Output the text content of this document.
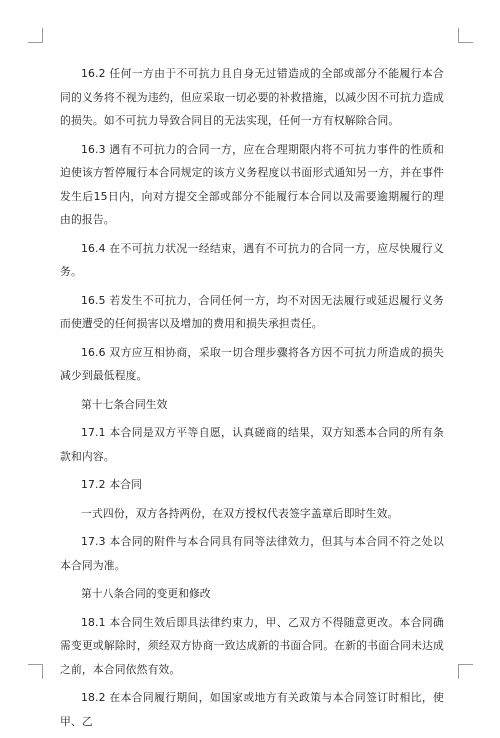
16.2 任何一方由于不可抗力且自身无过错造成的全部或部分不能履行本合同的义务将不视为违约，但应采取一切必要的补救措施，以减少因不可抗力造成的损失。如不可抗力导致合同目的无法实现，任何一方有权解除合同。

16.3 遇有不可抗力的合同一方，应在合理期限内将不可抗力事件的性质和迫使该方暂停履行本合同规定的该方义务程度以书面形式通知另一方，并在事件发生后15日内，向对方提交全部或部分不能履行本合同以及需要逾期履行的理由的报告。

16.4 在不可抗力状况一经结束，遇有不可抗力的合同一方，应尽快履行义务。

16.5 若发生不可抗力，合同任何一方，均不对因无法履行或延迟履行义务而使遭受的任何损害以及增加的费用和损失承担责任。

16.6 双方应互相协商，采取一切合理步骤将各方因不可抗力所造成的损失减少到最低程度。

第十七条合同生效

17.1 本合同是双方平等自愿，认真磋商的结果，双方知悉本合同的所有条款和内容。

17.2 本合同

一式四份，双方各持两份，在双方授权代表签字盖章后即时生效。

17.3 本合同的附件与本合同具有同等法律效力，但其与本合同不符之处以本合同为准。

第十八条合同的变更和修改

18.1 本合同生效后即具法律约束力，甲、乙双方不得随意更改。本合同确需变更或解除时，须经双方协商一致达成新的书面合同。在新的书面合同未达成之前，本合同依然有效。

18.2 在本合同履行期间，如国家或地方有关政策与本合同签订时相比，使甲、乙
